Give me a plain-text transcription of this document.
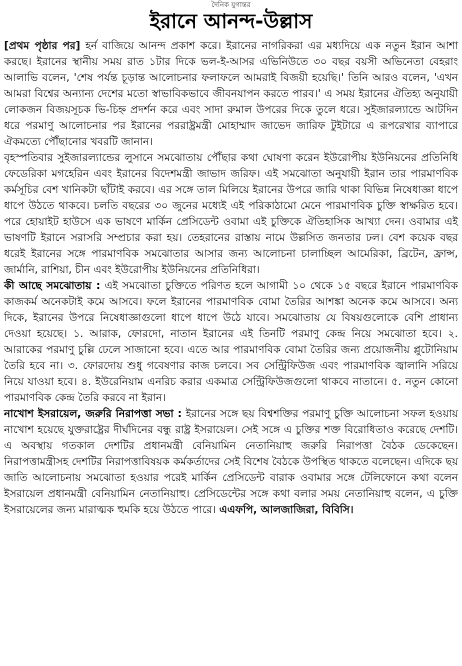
দৈনিক যুগান্তর
ইরানে আনন্দ-উল্লাস

[প্রথম পৃষ্ঠার পর] হর্ন বাজিয়ে আনন্দ প্রকাশ করে। ইরানের নাগরিকরা এর মধ্যদিয়ে এক নতুন ইরান আশা করছে। ইরানের স্থানীয় সময় রাত ১টার দিকে ভল-ই-আসর এভিনিউতে ৩০ বছর বয়সী অভিনেতা বেহরাং আলাভি বলেন, 'শেষ পর্যন্ত চূড়ান্ত আলোচনার ফলাফলে আমরাই বিজয়ী হয়েছি।' তিনি আরও বলেন, 'এখন আমরা বিশ্বের অন্যান্য দেশের মতো স্বাভাবিকভাবে জীবনযাপন করতে পারব।' এ সময় ইরানের ঐতিহ্য অনুযায়ী লোকজন বিজয়সূচক ভি-চিহ্ন প্রদর্শন করে এবং সাদা রুমাল উপরের দিকে তুলে ধরে। সুইজারল্যান্ডে আটদিন ধরে পরমাণু আলোচনার পর ইরানের পররাষ্ট্রমন্ত্রী মোহাম্মাদ জাভেদ জারিফ টুইটারে এ রূপরেখার ব্যাপারে ঐকমত্যে পৌঁছানোর খবরটি জানান।

বৃহস্পতিবার সুইজারল্যান্ডের লুসানে সমঝোতায় পৌঁছার কথা ঘোষণা করেন ইউরোপীয় ইউনিয়নের প্রতিনিধি ফেডেরিকা মগহেরিন এবং ইরানের বিদেশমন্ত্রী জাভাদ জরিফ। এই সমঝোতা অনুযায়ী ইরান তার পারমাণবিক কর্মসূচির বেশ খানিকটা ছাঁটাই করবে। এর সঙ্গে তাল মিলিয়ে ইরানের উপরে জারি থাকা বিভিন্ন নিষেধাজ্ঞা ধাপে ধাপে উঠতে থাকবে। চলতি বছরের ৩০ জুনের মধ্যেই এই পরিকাঠামো মেনে পারমাণবিক চুক্তি স্বাক্ষরিত হবে। পরে হোয়াইট হাউসে এক ভাষণে মার্কিন প্রেসিডেন্ট ওবামা এই চুক্তিকে ঐতিহাসিক আখ্যা দেন। ওবামার এই ভাষণটি ইরানে সরাসরি সম্প্রচার করা হয়। তেহরানের রাস্তায় নামে উল্লসিত জনতার ঢল। বেশ কয়েক বছর ধরেই ইরানের সঙ্গে পারমাণবিক সমঝোতার আসার জন্য আলোচনা চালাচ্ছিল আমেরিকা, ব্রিটেন, ফ্রান্স, জার্মানি, রাশিয়া, চীন এবং ইউরোপীয় ইউনিয়নের প্রতিনিধিরা।

কী আছে সমঝোতায় : এই সমঝোতা চুক্তিতে পরিণত হলে আগামী ১০ থেকে ১৫ বছরে ইরানে পারমাণবিক কাজকর্ম অনেকটাই কমে আসবে। ফলে ইরানের পারমাণবিক বোমা তৈরির আশঙ্কা অনেক কমে আসবে। অন্য দিকে, ইরানের উপরে নিষেধাজ্ঞাগুলো ধাপে ধাপে উঠে যাবে। সমঝোতায় যে বিষয়গুলোকে বেশি প্রাধান্য দেওয়া হয়েছে। ১. আরাক, ফোরদো, নাতান ইরানের এই তিনটি পরমাণু কেন্দ্র নিয়ে সমঝোতা হবে। ২. আরাকের পরমাণু চুল্লি ঢেলে সাজানো হবে। এতে আর পারমাণবিক বোমা তৈরির জন্য প্রয়োজনীয় প্লুটোনিয়াম তৈরি হবে না। ৩. ফোরদোয় শুধু গবেষণার কাজ চলবে। সব সেন্ট্রিফিউজ এবং পারমাণবিক জ্বালানি সরিয়ে নিয়ে যাওয়া হবে। ৪. ইউরেনিয়াম এনরিচ করার একমাত্র সেন্ট্রিফিউজগুলো থাকবে নাতানে। ৫. নতুন কোনো পারমাণবিক কেন্দ্র তৈরি করবে না ইরান।

নাখোশ ইসরায়েল, জরুরি নিরাপত্তা সভা : ইরানের সঙ্গে ছয় বিশ্বশক্তির পরমাণু চুক্তি আলোচনা সফল হওয়ায় নাখোশ হয়েছে যুক্তরাষ্ট্রের দীর্ঘদিনের বন্ধু রাষ্ট্র ইসরায়েল। সেই সঙ্গে এ চুক্তির শক্ত বিরোধিতাও করেছে দেশটি। এ অবস্থায় গতকাল দেশটির প্রধানমন্ত্রী বেনিয়ামিন নেতানিয়াহু জরুরি নিরাপত্তা বৈঠক ডেকেছেন। নিরাপত্তামন্ত্রীসহ দেশটির নিরাপত্তাবিষয়ক কর্মকর্তাদের সেই বিশেষ বৈঠকে উপস্থিত থাকতে বলেছেন। এদিকে ছয় জাতি আলোচনায় সমঝোতা হওয়ার পরেই মার্কিন প্রেসিডেন্ট বারাক ওবামার সঙ্গে টেলিফোনে কথা বলেন ইসরায়েল প্রধানমন্ত্রী বেনিয়ামিন নেতানিয়াহু। প্রেসিডেন্টের সঙ্গে কথা বলার সময় নেতানিয়াহু বলেন, এ চুক্তি ইসরায়েলের জন্য মারাত্মক হুমকি হয়ে উঠতে পারে। এএফপি, আলজাজিরা, বিবিসি।
